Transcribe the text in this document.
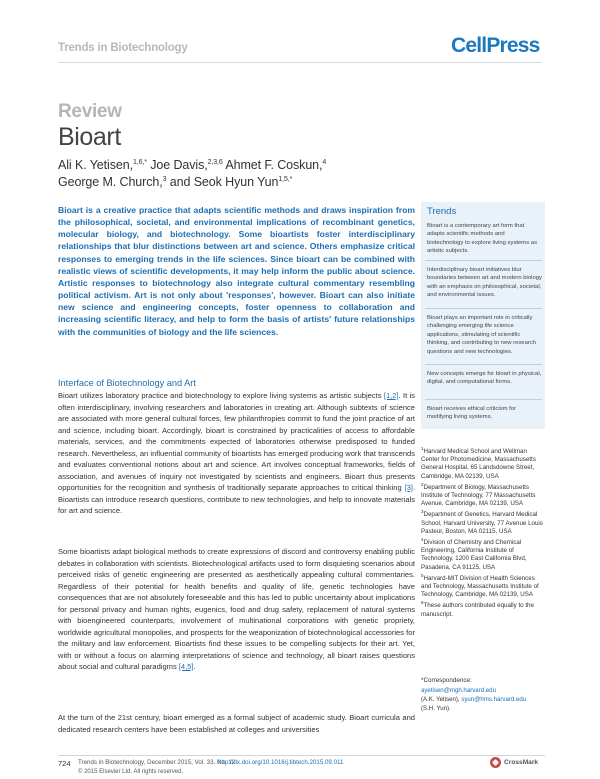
Trends in Biotechnology	CellPress
Review
Bioart
Ali K. Yetisen,$^{1,6,*}$ Joe Davis,$^{2,3,6}$ Ahmet F. Coskun,$^4$
George M. Church,$^3$ and Seok Hyun Yun$^{1,5,*}$
Bioart is a creative practice that adapts scientific methods and draws inspiration from the philosophical, societal, and environmental implications of recombinant genetics, molecular biology, and biotechnology. Some bioartists foster interdisciplinary relationships that blur distinctions between art and science. Others emphasize critical responses to emerging trends in the life sciences. Since bioart can be combined with realistic views of scientific developments, it may help inform the public about science. Artistic responses to biotechnology also integrate cultural commentary resembling political activism. Art is not only about 'responses', however. Bioart can also initiate new science and engineering concepts, foster openness to collaboration and increasing scientific literacy, and help to form the basis of artists' future relationships with the communities of biology and the life sciences.
Interface of Biotechnology and Art
Bioart utilizes laboratory practice and biotechnology to explore living systems as artistic subjects [1,2]. It is often interdisciplinary, involving researchers and laboratories in creating art. Although subtexts of science are associated with more general cultural forces, few philanthropies commit to fund the joint practice of art and science, including bioart. Accordingly, bioart is constrained by practicalities of access to affordable materials, services, and the commitments expected of laboratories otherwise predisposed to funded research. Nevertheless, an influential community of bioartists has emerged producing work that transcends and evaluates conventional notions about art and science. Art involves conceptual frameworks, fields of association, and avenues of inquiry not investigated by scientists and engineers. Bioart thus presents opportunities for the recognition and synthesis of traditionally separate approaches to critical thinking [3]. Bioartists can introduce research questions, contribute to new technologies, and help to innovate materials for art and science.
Some bioartists adapt biological methods to create expressions of discord and controversy enabling public debates in collaboration with scientists. Biotechnological artifacts used to form disquieting scenarios about perceived risks of genetic engineering are presented as aesthetically appealing cultural commentaries. Regardless of their potential for health benefits and quality of life, genetic technologies have consequences that are not absolutely foreseeable and this has led to public uncertainty about implications for personal privacy and human rights, eugenics, food and drug safety, replacement of natural systems with bioengineered counterparts, involvement of multinational corporations with genetic propriety, worldwide agricultural monopolies, and prospects for the weaponization of biotechnological accessories for the military and law enforcement. Bioartists find these issues to be compelling subjects for their art. Yet, with or without a focus on alarming interpretations of science and technology, all bioart raises questions about social and cultural paradigms [4,5].
At the turn of the 21st century, bioart emerged as a formal subject of academic study. Bioart curricula and dedicated research centers have been established at colleges and universities
Trends
Bioart is a contemporary art form that adapts scientific methods and biotechnology to explore living systems as artistic subjects.
Interdisciplinary bioart initiatives blur boundaries between art and modern biology with an emphasis on philosophical, societal, and environmental issues.
Bioart plays an important role in critically challenging emerging life science applications, stimulating of scientific thinking, and contributing to new research questions and new technologies.
New concepts emerge for bioart in physical, digital, and computational forms.
Bioart receives ethical criticism for modifying living systems.
$^1$Harvard Medical School and Wellman Center for Photomedicine, Massachusetts General Hospital, 65 Landsdowne Street, Cambridge, MA 02139, USA
$^2$Department of Biology, Massachusetts Institute of Technology, 77 Massachusetts Avenue, Cambridge, MA 02139, USA
$^3$Department of Genetics, Harvard Medical School, Harvard University, 77 Avenue Louis Pasteur, Boston, MA 02115, USA
$^4$Division of Chemistry and Chemical Engineering, California Institute of Technology, 1200 East California Blvd, Pasadena, CA 91125, USA
$^5$Harvard-MIT Division of Health Sciences and Technology, Massachusetts Institute of Technology, Cambridge, MA 02139, USA
$^6$These authors contributed equally to the manuscript.
*Correspondence:
ayetisen@mgh.harvard.edu
(A.K. Yetisen), syun@hms.harvard.edu
(S.H. Yun).
724 Trends in Biotechnology, December 2015, Vol. 33, No. 12
http://dx.doi.org/10.1016/j.tibtech.2015.09.011
© 2015 Elsevier Ltd. All rights reserved.
CrossMark
